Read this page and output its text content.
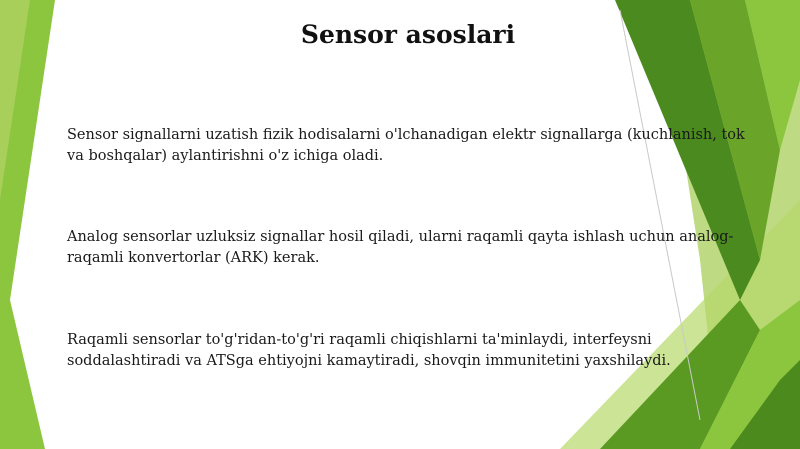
Sensor asoslari
Sensor signallarni uzatish fizik hodisalarni o'lchanadigan elektr signallarga (kuchlanish, tok va boshqalar) aylantirishni o'z ichiga oladi.
Analog sensorlar uzluksiz signallar hosil qiladi, ularni raqamli qayta ishlash uchun analog-raqamli konvertorlar (ARK) kerak.
Raqamli sensorlar to'g'ridan-to'g'ri raqamli chiqishlarni ta'minlaydi, interfeysni soddalashtiradi va ATSga ehtiyojni kamaytiradi, shovqin immunitetini yaxshilaydi.
